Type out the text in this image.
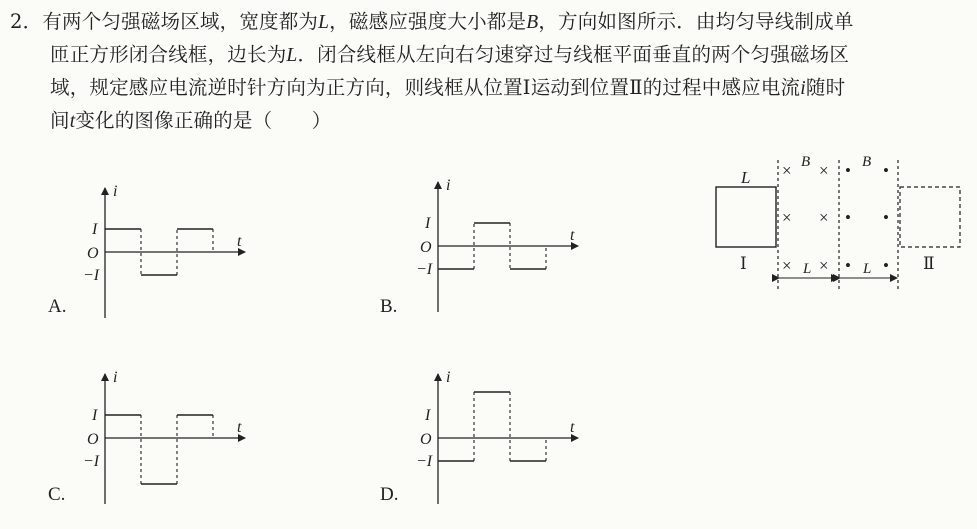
2．有两个匀强磁场区域，宽度都为L，磁感应强度大小都是B，方向如图所示．由均匀导线制成单

匝正方形闭合线框，边长为L．闭合线框从左向右匀速穿过与线框平面垂直的两个匀强磁场区

域，规定感应电流逆时针方向为正方向，则线框从位置Ⅰ运动到位置Ⅱ的过程中感应电流i随时

间t变化的图像正确的是（　　）

i
t
I
O
−I
i
t
I
O
−I
i
t
I
O
−I
i
t
I
O
−I
L
Ⅰ	Ⅱ
B	B
× ×
× ×
× ×
• •
• •
• •
L	L
A.	B.
C.	D.
